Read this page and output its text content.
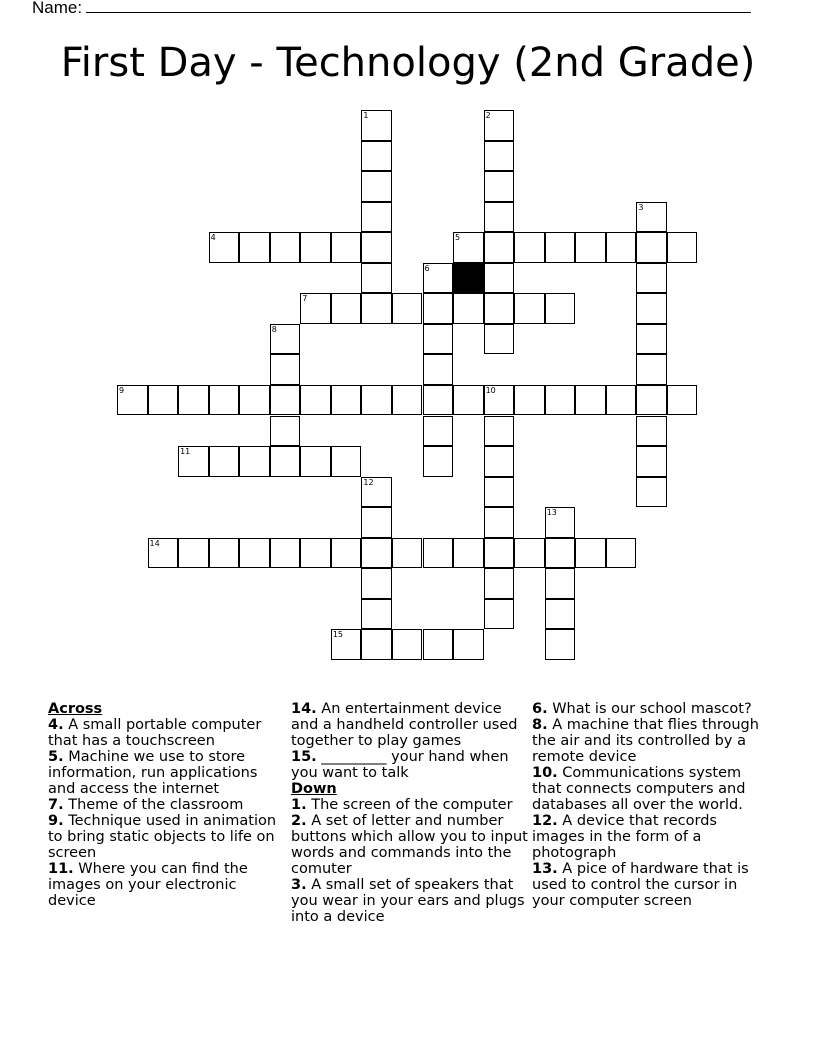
Name:
First Day - Technology (2nd Grade)
1	2
3
4	5
6
7
8
9	10
11
12
13
14
15
Across
4. A small portable computer that has a touchscreen
5. Machine we use to store information, run applications and access the internet
7. Theme of the classroom
9. Technique used in animation to bring static objects to life on screen
11. Where you can find the images on your electronic device
14. An entertainment device and a handheld controller used together to play games
15. _________ your hand when you want to talk
Down
1. The screen of the computer
2. A set of letter and number buttons which allow you to input words and commands into the comuter
3. A small set of speakers that you wear in your ears and plugs into a device
6. What is our school mascot?
8. A machine that flies through the air and its controlled by a remote device
10. Communications system that connects computers and databases all over the world.
12. A device that records images in the form of a photograph
13. A pice of hardware that is used to control the cursor in your computer screen
